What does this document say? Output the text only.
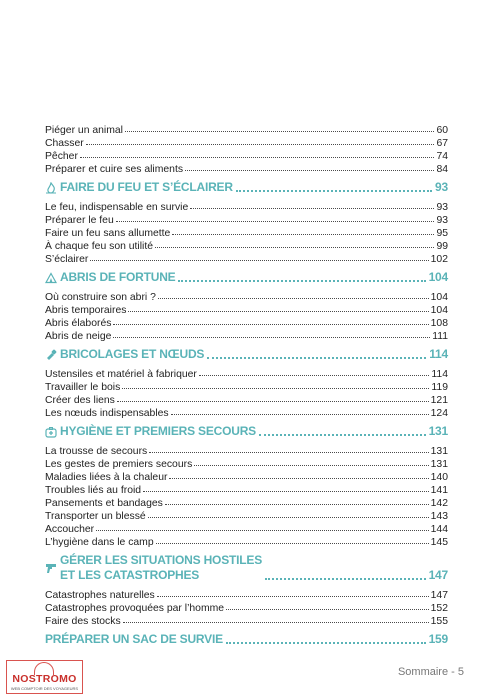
Piéger un animal	60
Chasser	67
Pêcher	74
Préparer et cuire ses aliments	84
FAIRE DU FEU ET S’ÉCLAIRER	93
Le feu, indispensable en survie	93
Préparer le feu	93
Faire un feu sans allumette	95
À chaque feu son utilité	99
S’éclairer	102
ABRIS DE FORTUNE	104
Où construire son abri ?	104
Abris temporaires	104
Abris élaborés	108
Abris de neige	111
BRICOLAGES ET NŒUDS	114
Ustensiles et matériel à fabriquer	114
Travailler le bois	119
Créer des liens	121
Les nœuds indispensables	124
HYGIÈNE ET PREMIERS SECOURS	131
La trousse de secours	131
Les gestes de premiers secours	131
Maladies liées à la chaleur	140
Troubles liés au froid	141
Pansements et bandages	142
Transporter un blessé	143
Accoucher	144
L’hygiène dans le camp	145
GÉRER LES SITUATIONS HOSTILES
ET LES CATASTROPHES	147
Catastrophes naturelles	147
Catastrophes provoquées par l’homme	152
Faire des stocks	155
PRÉPARER UN SAC DE SURVIE	159
Sommaire - 5
NOSTROMO
WEB COMPTOIR DES VOYAGEURS
